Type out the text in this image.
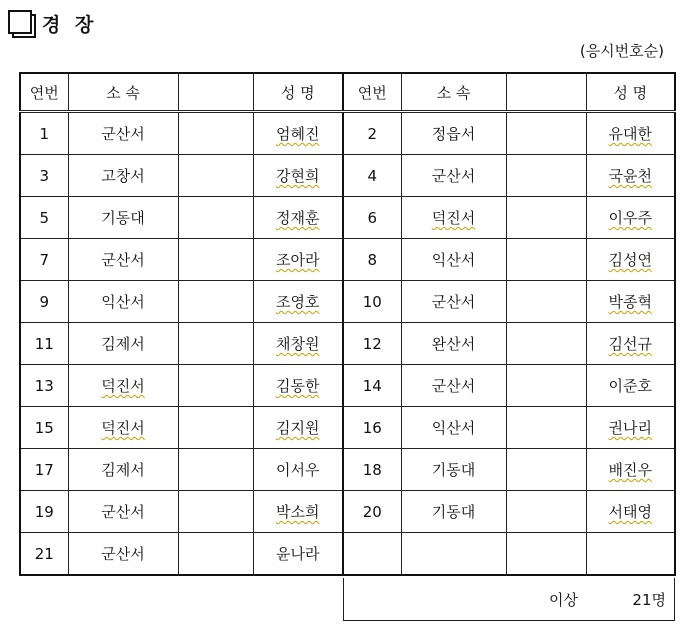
경 장
(응시번호순)
연번	소 속		성 명	연번	소 속		성 명
1	군산서		엄혜진	2	정읍서		유대한
3	고창서		강현희	4	군산서		국윤천
5	기동대		정재훈	6	덕진서		이우주
7	군산서		조아라	8	익산서		김성연
9	익산서		조영호	10	군산서		박종혁
11	김제서		채창원	12	완산서		김선규
13	덕진서		김동한	14	군산서		이준호
15	덕진서		김지원	16	익산서		권나리
17	김제서		이서우	18	기동대		배진우
19	군산서		박소희	20	기동대		서태영
21	군산서		윤나라				
이상	21명
